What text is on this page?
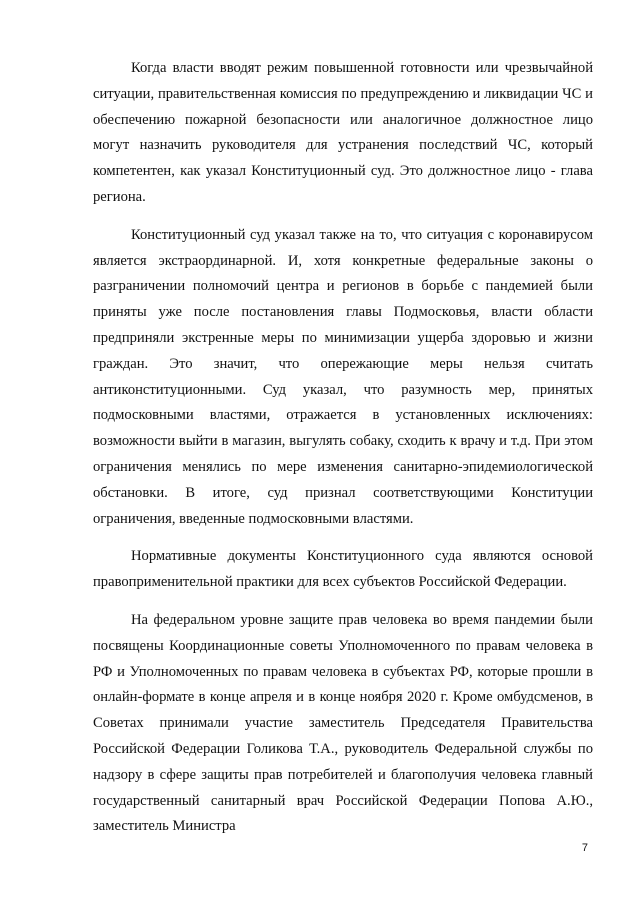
Когда власти вводят режим повышенной готовности или чрезвычайной ситуации, правительственная комиссия по предупреждению и ликвидации ЧС и обеспечению пожарной безопасности или аналогичное должностное лицо могут назначить руководителя для устранения последствий ЧС, который компетентен, как указал Конституционный суд. Это должностное лицо - глава региона.

Конституционный суд указал также на то, что ситуация с коронавирусом является экстраординарной. И, хотя конкретные федеральные законы о разграничении полномочий центра и регионов в борьбе с пандемией были приняты уже после постановления главы Подмосковья, власти области предприняли экстренные меры по минимизации ущерба здоровью и жизни граждан. Это значит, что опережающие меры нельзя считать антиконституционными. Суд указал, что разумность мер, принятых подмосковными властями, отражается в установленных исключениях: возможности выйти в магазин, выгулять собаку, сходить к врачу и т.д. При этом ограничения менялись по мере изменения санитарно-эпидемиологической обстановки. В итоге, суд признал соответствующими Конституции ограничения, введенные подмосковными властями.

Нормативные документы Конституционного суда являются основой правоприменительной практики для всех субъектов Российской Федерации.

На федеральном уровне защите прав человека во время пандемии были посвящены Координационные советы Уполномоченного по правам человека в РФ и Уполномоченных по правам человека в субъектах РФ, которые прошли в онлайн-формате в конце апреля и в конце ноября 2020 г. Кроме омбудсменов, в Советах принимали участие заместитель Председателя Правительства Российской Федерации Голикова Т.А., руководитель Федеральной службы по надзору в сфере защиты прав потребителей и благополучия человека главный государственный санитарный врач Российской Федерации Попова А.Ю., заместитель Министра

7
